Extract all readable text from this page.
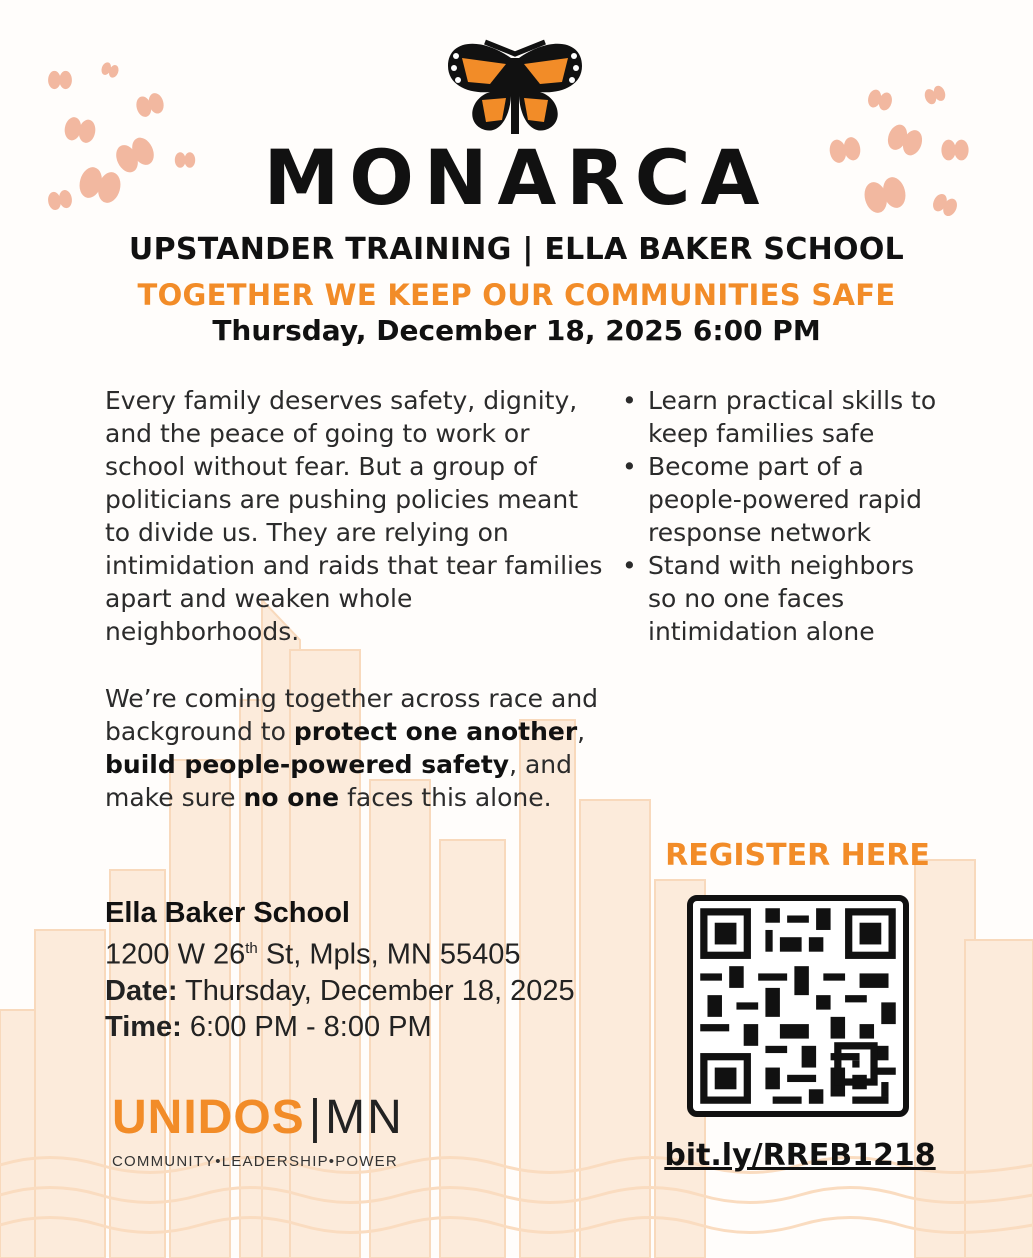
MONARCA
UPSTANDER TRAINING | ELLA BAKER SCHOOL
TOGETHER WE KEEP OUR COMMUNITIES SAFE
Thursday, December 18, 2025 6:00 PM
Every family deserves safety, dignity, and the peace of going to work or school without fear. But a group of politicians are pushing policies meant to divide us. They are relying on intimidation and raids that tear families apart and weaken whole neighborhoods.
We’re coming together across race and background to protect one another, build people-powered safety, and make sure no one faces this alone.
• Learn practical skills to keep families safe
• Become part of a people-powered rapid response network
• Stand with neighbors so no one faces intimidation alone
Ella Baker School
1200 W 26th St, Mpls, MN 55405
Date: Thursday, December 18, 2025
Time: 6:00 PM - 8:00 PM
REGISTER HERE
bit.ly/RREB1218
UNIDOS|MN
COMMUNITY•LEADERSHIP•POWER
